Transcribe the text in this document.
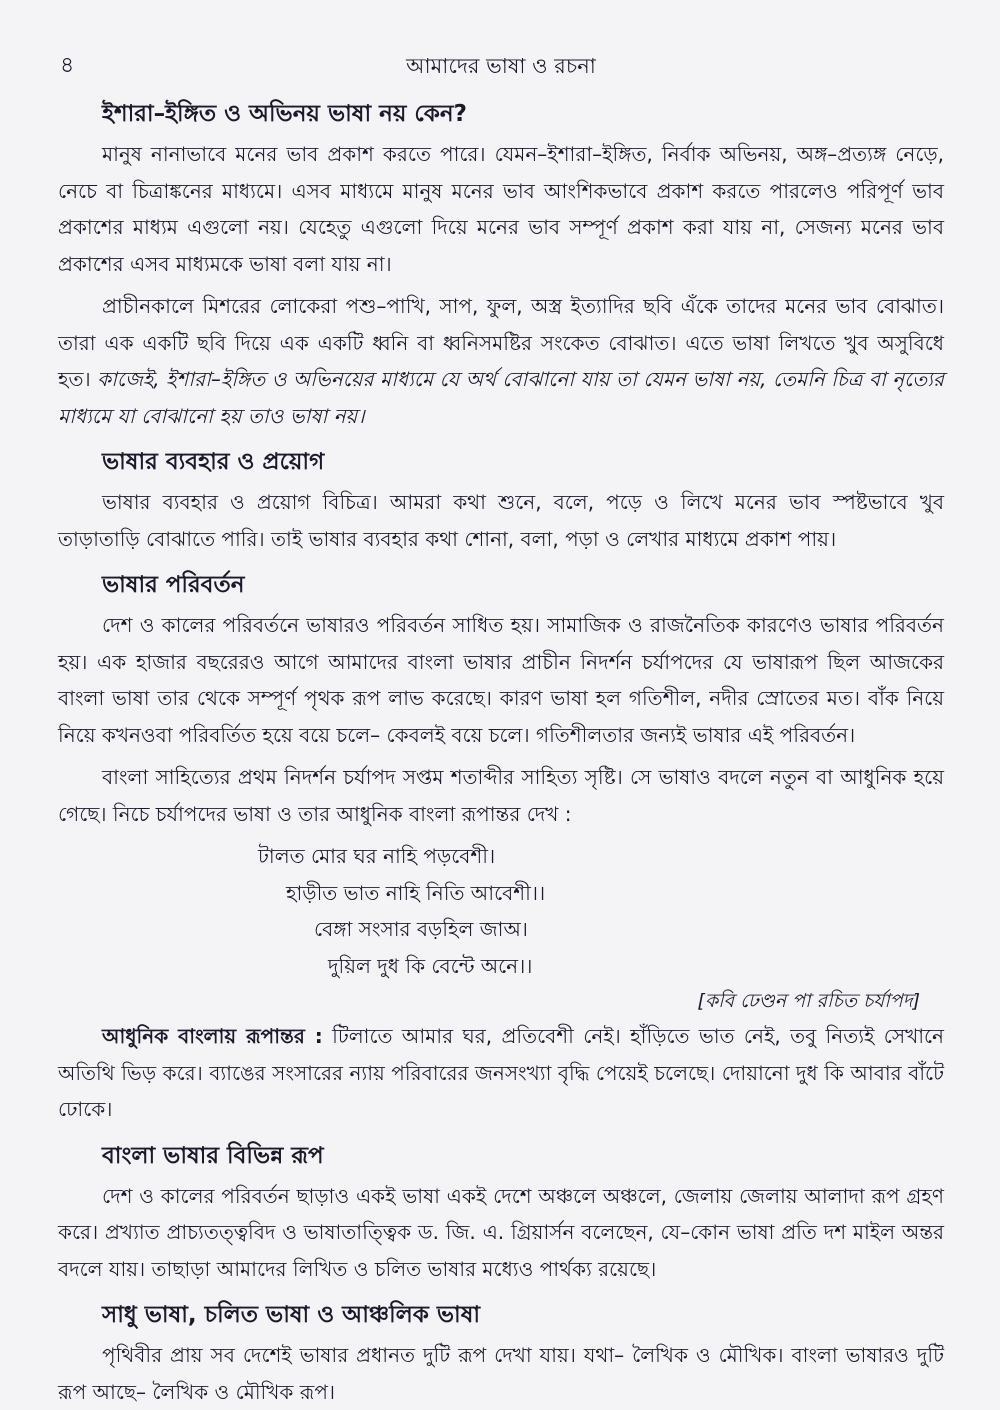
৪	আমাদের ভাষা ও রচনা
ইশারা–ইঙ্গিত ও অভিনয় ভাষা নয় কেন?

মানুষ নানাভাবে মনের ভাব প্রকাশ করতে পারে। যেমন–ইশারা–ইঙ্গিত, নির্বাক অভিনয়, অঙ্গ–প্রত্যঙ্গ নেড়ে, নেচে বা চিত্রাঙ্কনের মাধ্যমে। এসব মাধ্যমে মানুষ মনের ভাব আংশিকভাবে প্রকাশ করতে পারলেও পরিপূর্ণ ভাব প্রকাশের মাধ্যম এগুলো নয়। যেহেতু এগুলো দিয়ে মনের ভাব সম্পূর্ণ প্রকাশ করা যায় না, সেজন্য মনের ভাব প্রকাশের এসব মাধ্যমকে ভাষা বলা যায় না।

প্রাচীনকালে মিশরের লোকেরা পশু–পাখি, সাপ, ফুল, অস্ত্র ইত্যাদির ছবি এঁকে তাদের মনের ভাব বোঝাত। তারা এক একটি ছবি দিয়ে এক একটি ধ্বনি বা ধ্বনিসমষ্টির সংকেত বোঝাত। এতে ভাষা লিখতে খুব অসুবিধে হত। কাজেই, ইশারা–ইঙ্গিত ও অভিনয়ের মাধ্যমে যে অর্থ বোঝানো যায় তা যেমন ভাষা নয়, তেমনি চিত্র বা নৃত্যের মাধ্যমে যা বোঝানো হয় তাও ভাষা নয়।

ভাষার ব্যবহার ও প্রয়োগ

ভাষার ব্যবহার ও প্রয়োগ বিচিত্র। আমরা কথা শুনে, বলে, পড়ে ও লিখে মনের ভাব স্পষ্টভাবে খুব তাড়াতাড়ি বোঝাতে পারি। তাই ভাষার ব্যবহার কথা শোনা, বলা, পড়া ও লেখার মাধ্যমে প্রকাশ পায়।

ভাষার পরিবর্তন

দেশ ও কালের পরিবর্তনে ভাষারও পরিবর্তন সাধিত হয়। সামাজিক ও রাজনৈতিক কারণেও ভাষার পরিবর্তন হয়। এক হাজার বছরেরও আগে আমাদের বাংলা ভাষার প্রাচীন নিদর্শন চর্যাপদের যে ভাষারূপ ছিল আজকের বাংলা ভাষা তার থেকে সম্পূর্ণ পৃথক রূপ লাভ করেছে। কারণ ভাষা হল গতিশীল, নদীর স্রোতের মত। বাঁক নিয়ে নিয়ে কখনওবা পরিবর্তিত হয়ে বয়ে চলে– কেবলই বয়ে চলে। গতিশীলতার জন্যই ভাষার এই পরিবর্তন।

বাংলা সাহিত্যের প্রথম নিদর্শন চর্যাপদ সপ্তম শতাব্দীর সাহিত্য সৃষ্টি। সে ভাষাও বদলে নতুন বা আধুনিক হয়ে গেছে। নিচে চর্যাপদের ভাষা ও তার আধুনিক বাংলা রূপান্তর দেখ :

টালত মোর ঘর নাহি পড়বেশী।
হাড়ীত ভাত নাহি নিতি আবেশী।।
বেঙ্গা সংসার বড়হিল জাঅ।
দুয়িল দুধ কি বেন্টে অনে।।
[কবি ঢেণ্ডন পা রচিত চর্যাপদ]

আধুনিক বাংলায় রূপান্তর : টিলাতে আমার ঘর, প্রতিবেশী নেই। হাঁড়িতে ভাত নেই, তবু নিত্যই সেখানে অতিথি ভিড় করে। ব্যাঙের সংসারের ন্যায় পরিবারের জনসংখ্যা বৃদ্ধি পেয়েই চলেছে। দোয়ানো দুধ কি আবার বাঁটে ঢোকে।

বাংলা ভাষার বিভিন্ন রূপ

দেশ ও কালের পরিবর্তন ছাড়াও একই ভাষা একই দেশে অঞ্চলে অঞ্চলে, জেলায় জেলায় আলাদা রূপ গ্রহণ করে। প্রখ্যাত প্রাচ্যতত্ত্ববিদ ও ভাষাতাত্ত্বিক ড. জি. এ. গ্রিয়ার্সন বলেছেন, যে–কোন ভাষা প্রতি দশ মাইল অন্তর বদলে যায়। তাছাড়া আমাদের লিখিত ও চলিত ভাষার মধ্যেও পার্থক্য রয়েছে।

সাধু ভাষা, চলিত ভাষা ও আঞ্চলিক ভাষা

পৃথিবীর প্রায় সব দেশেই ভাষার প্রধানত দুটি রূপ দেখা যায়। যথা– লৈখিক ও মৌখিক। বাংলা ভাষারও দুটি রূপ আছে– লৈখিক ও মৌখিক রূপ।
